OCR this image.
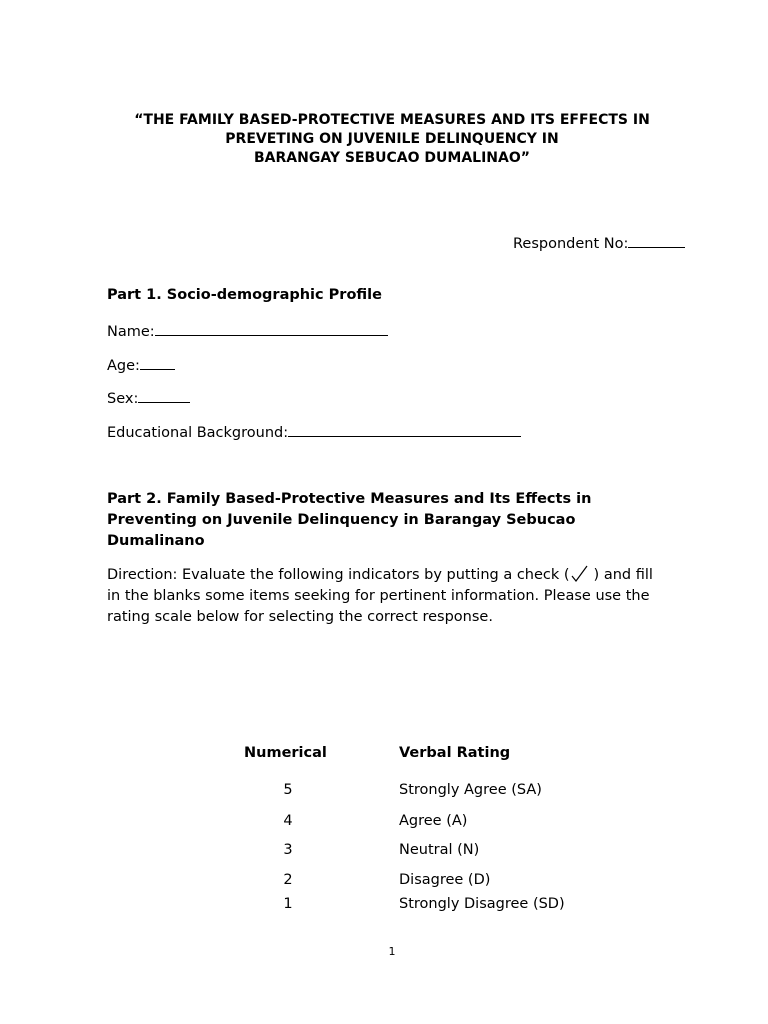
“THE FAMILY BASED-PROTECTIVE MEASURES AND ITS EFFECTS IN
PREVETING ON JUVENILE DELINQUENCY IN
BARANGAY SEBUCAO DUMALINAO”
Respondent No:
Part 1. Socio-demographic Profile
Name:
Age:
Sex:
Educational Background:
Part 2. Family Based-Protective Measures and Its Effects in
Preventing on Juvenile Delinquency in Barangay Sebucao
Dumalinano
Direction: Evaluate the following indicators by putting a check ( ) and fill
in the blanks some items seeking for pertinent information. Please use the
rating scale below for selecting the correct response.
Numerical	Verbal Rating
5	Strongly Agree (SA)
4	Agree (A)
3	Neutral (N)
2	Disagree (D)
1	Strongly Disagree (SD)
1
